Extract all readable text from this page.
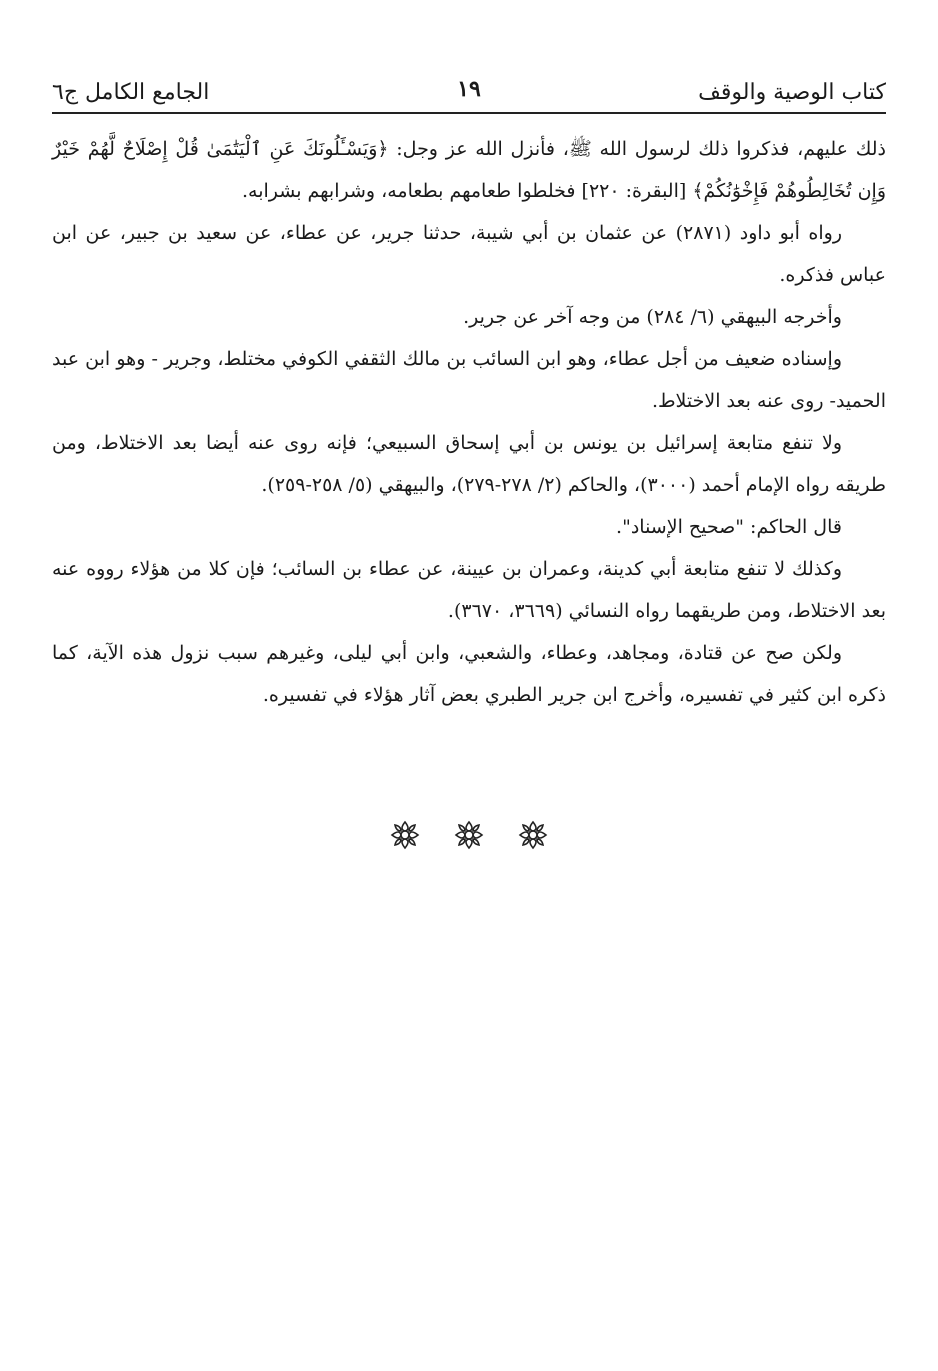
كتاب الوصية والوقف
١٩
الجامع الكامل ج٦

ذلك عليهم، فذكروا ذلك لرسول الله ﷺ، فأنزل الله عز وجل: ﴿وَيَسْـَٔلُونَكَ عَنِ ٱلْيَتَٰمَىٰ قُلْ إِصْلَاحٌ لَّهُمْ خَيْرٌ وَإِن تُخَالِطُوهُمْ فَإِخْوَٰنُكُمْ﴾ [البقرة: ٢٢٠] فخلطوا طعامهم بطعامه، وشرابهم بشرابه.

رواه أبو داود (٢٨٧١) عن عثمان بن أبي شيبة، حدثنا جرير، عن عطاء، عن سعيد بن جبير، عن ابن عباس فذكره.

وأخرجه البيهقي (٦/ ٢٨٤) من وجه آخر عن جرير.

وإسناده ضعيف من أجل عطاء، وهو ابن السائب بن مالك الثقفي الكوفي مختلط، وجرير - وهو ابن عبد الحميد- روى عنه بعد الاختلاط.

ولا تنفع متابعة إسرائيل بن يونس بن أبي إسحاق السبيعي؛ فإنه روى عنه أيضا بعد الاختلاط، ومن طريقه رواه الإمام أحمد (٣٠٠٠)، والحاكم (٢/ ٢٧٨-٢٧٩)، والبيهقي (٥/ ٢٥٨-٢٥٩).

قال الحاكم: "صحيح الإسناد".

وكذلك لا تنفع متابعة أبي كدينة، وعمران بن عيينة، عن عطاء بن السائب؛ فإن كلا من هؤلاء رووه عنه بعد الاختلاط، ومن طريقهما رواه النسائي (٣٦٦٩، ٣٦٧٠).

ولكن صح عن قتادة، ومجاهد، وعطاء، والشعبي، وابن أبي ليلى، وغيرهم سبب نزول هذه الآية، كما ذكره ابن كثير في تفسيره، وأخرج ابن جرير الطبري بعض آثار هؤلاء في تفسيره.
